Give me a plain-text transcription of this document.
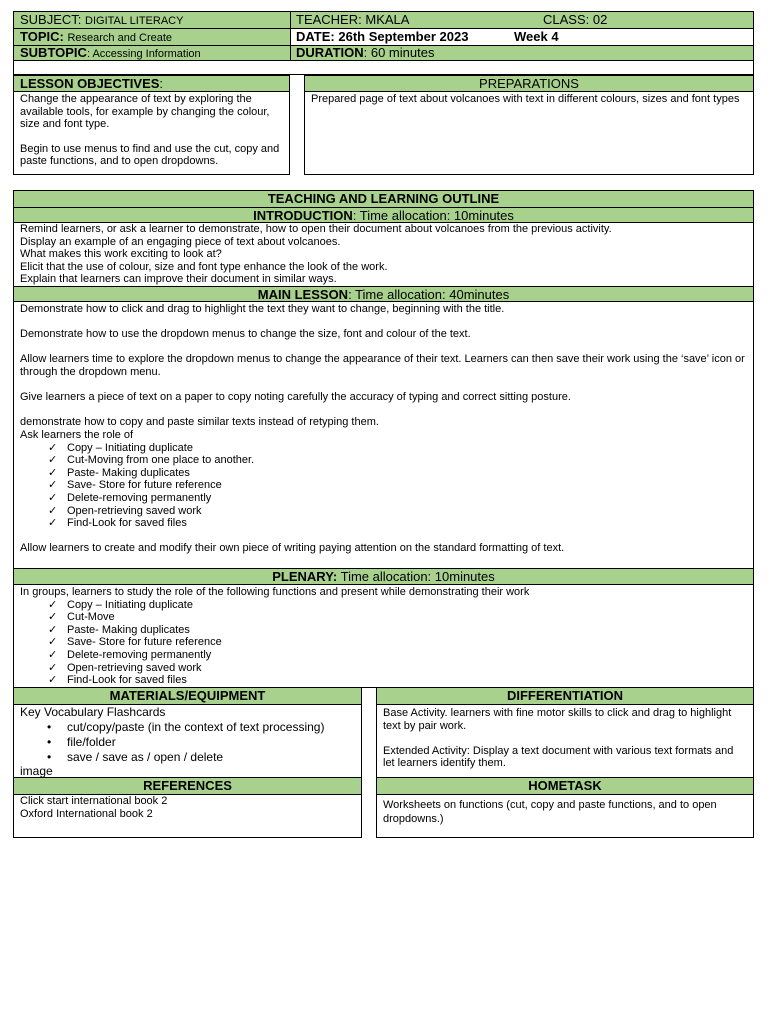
SUBJECT: DIGITAL LITERACY	TEACHER: MKALA	CLASS: 02
TOPIC: Research and Create	DATE: 26th September 2023	Week 4
SUBTOPIC: Accessing Information	DURATION: 60 minutes
LESSON OBJECTIVES:

Change the appearance of text by exploring the available tools, for example by changing the colour, size and font type.

Begin to use menus to find and use the cut, copy and paste functions, and to open dropdowns.

PREPARATIONS

Prepared page of text about volcanoes with text in different colours, sizes and font types

TEACHING AND LEARNING OUTLINE
INTRODUCTION: Time allocation: 10minutes

Remind learners, or ask a learner to demonstrate, how to open their document about volcanoes from the previous activity.

Display an example of an engaging piece of text about volcanoes.

What makes this work exciting to look at?

Elicit that the use of colour, size and font type enhance the look of the work.

Explain that learners can improve their document in similar ways.

MAIN LESSON: Time allocation: 40minutes

Demonstrate how to click and drag to highlight the text they want to change, beginning with the title.

Demonstrate how to use the dropdown menus to change the size, font and colour of the text.

Allow learners time to explore the dropdown menus to change the appearance of their text. Learners can then save their work using the ‘save’ icon or through the dropdown menu.

Give learners a piece of text on a paper to copy noting carefully the accuracy of typing and correct sitting posture.

demonstrate how to copy and paste similar texts instead of retyping them.

Ask learners the role of

✓ Copy – Initiating duplicate
✓ Cut-Moving from one place to another.
✓ Paste- Making duplicates
✓ Save- Store for future reference
✓ Delete-removing permanently
✓ Open-retrieving saved work
✓ Find-Look for saved files

Allow learners to create and modify their own piece of writing paying attention on the standard formatting of text.

PLENARY: Time allocation: 10minutes

In groups, learners to study the role of the following functions and present while demonstrating their work

✓ Copy – Initiating duplicate
✓ Cut-Move
✓ Paste- Making duplicates
✓ Save- Store for future reference
✓ Delete-removing permanently
✓ Open-retrieving saved work
✓ Find-Look for saved files
MATERIALS/EQUIPMENT

Key Vocabulary Flashcards

• cut/copy/paste (in the context of text processing)
• file/folder
• save / save as / open / delete

image

DIFFERENTIATION

Base Activity. learners with fine motor skills to click and drag to highlight text by pair work.

Extended Activity: Display a text document with various text formats and let learners identify them.

REFERENCES

Click start international book 2

Oxford International book 2

HOMETASK

Worksheets on functions (cut, copy and paste functions, and to open dropdowns.)
